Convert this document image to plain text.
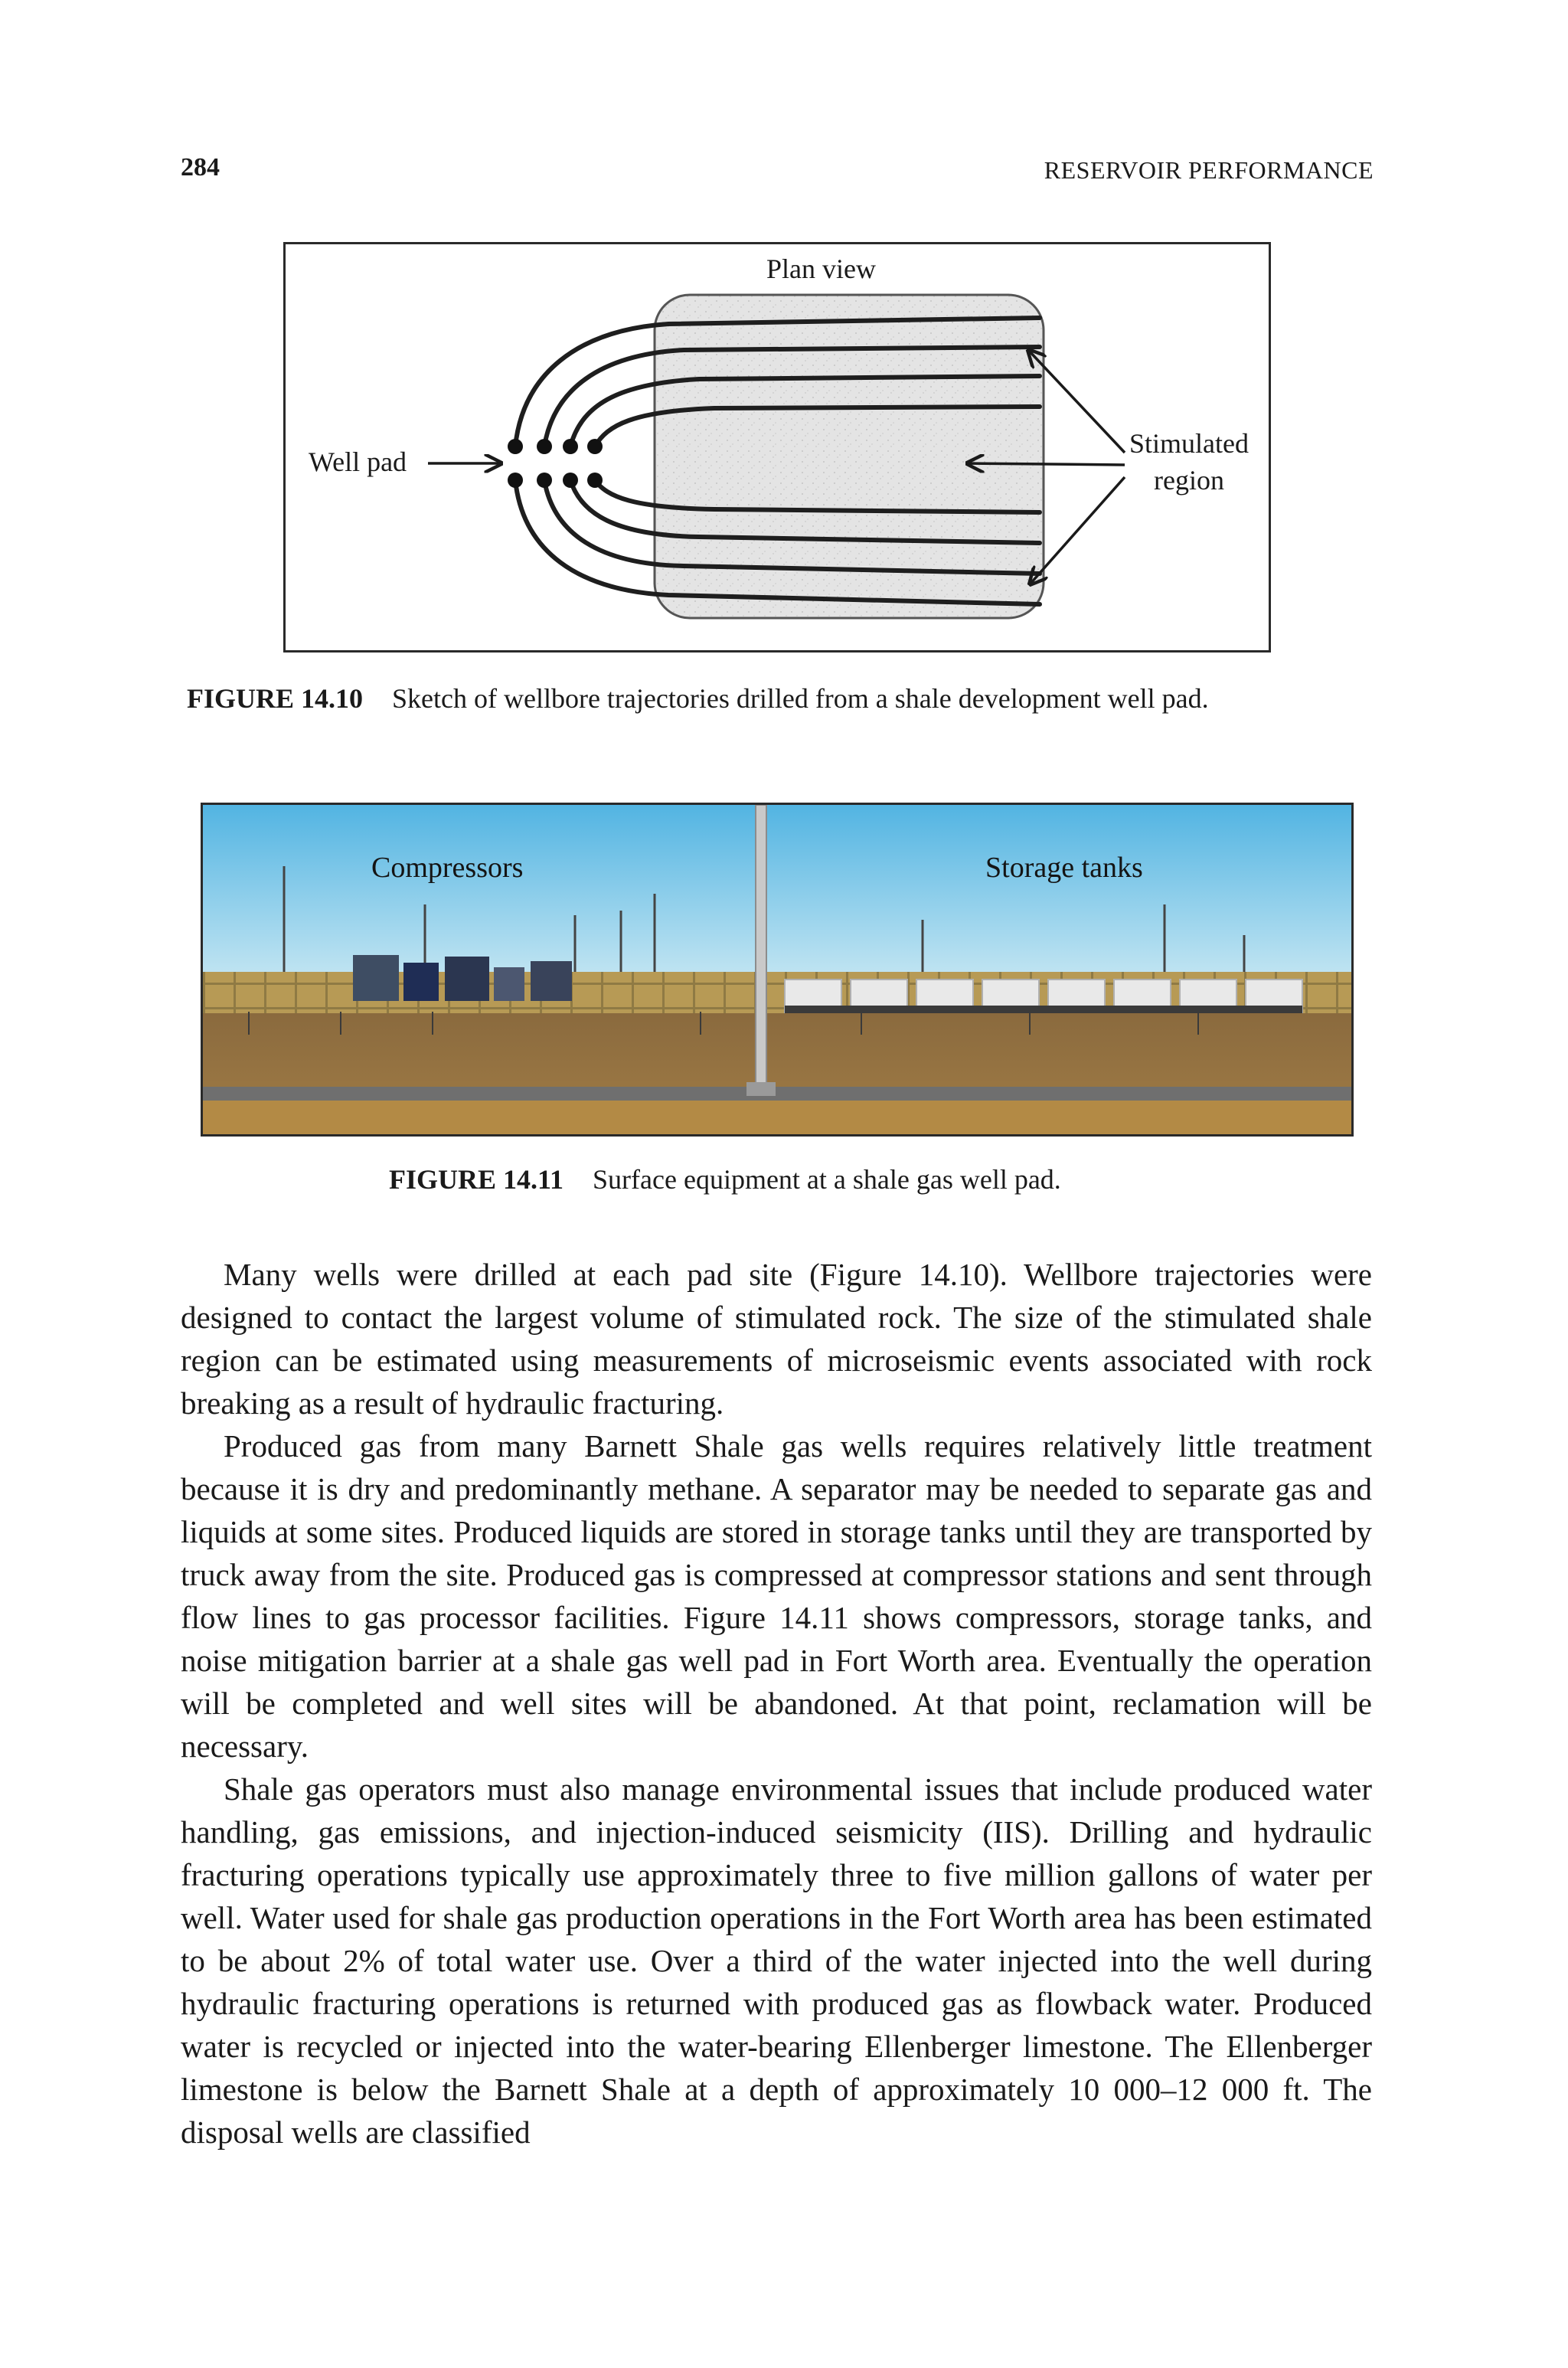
284	RESERVOIR PERFORMANCE
Plan view
Well pad
Stimulated
region
FIGURE 14.10 Sketch of wellbore trajectories drilled from a shale development well pad.
Compressors	Storage tanks
FIGURE 14.11 Surface equipment at a shale gas well pad.

Many wells were drilled at each pad site (Figure 14.10). Wellbore trajectories were designed to contact the largest volume of stimulated rock. The size of the stimulated shale region can be estimated using measurements of microseismic events associated with rock breaking as a result of hydraulic fracturing.

Produced gas from many Barnett Shale gas wells requires relatively little treatment because it is dry and predominantly methane. A separator may be needed to separate gas and liquids at some sites. Produced liquids are stored in storage tanks until they are transported by truck away from the site. Produced gas is compressed at compressor stations and sent through flow lines to gas processor facilities. Figure 14.11 shows compressors, storage tanks, and noise mitigation barrier at a shale gas well pad in Fort Worth area. Eventually the operation will be completed and well sites will be abandoned. At that point, reclamation will be necessary.

Shale gas operators must also manage environmental issues that include produced water handling, gas emissions, and injection-induced seismicity (IIS). Drilling and hydraulic fracturing operations typically use approximately three to five million gallons of water per well. Water used for shale gas production operations in the Fort Worth area has been estimated to be about 2% of total water use. Over a third of the water injected into the well during hydraulic fracturing operations is returned with produced gas as flowback water. Produced water is recycled or injected into the water-bearing Ellenberger limestone. The Ellenberger limestone is below the Barnett Shale at a depth of approximately 10 000–12 000 ft. The disposal wells are classified
